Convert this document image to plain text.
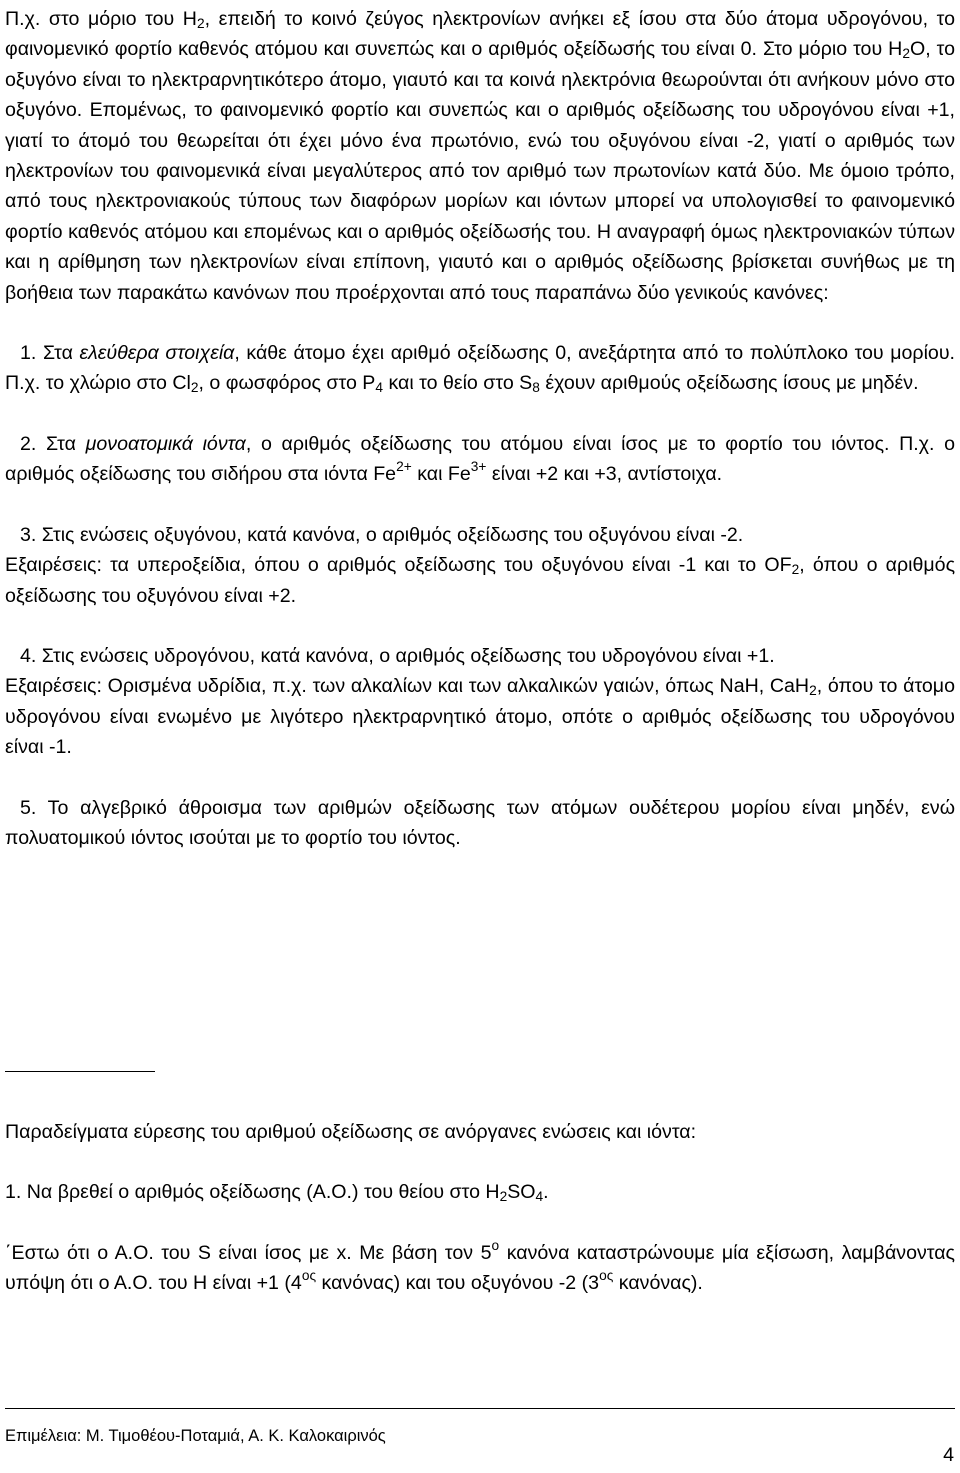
Π.χ. στο μόριο του $H_2$, επειδή το κοινό ζεύγος ηλεκτρονίων ανήκει εξ ίσου στα δύο άτομα υδρογόνου, το φαινομενικό φορτίο καθενός ατόμου και συνεπώς και ο αριθμός οξείδωσής του είναι 0. Στο μόριο του $H_2O$, το οξυγόνο είναι το ηλεκτραρνητικότερο άτομο, γιαυτό και τα κοινά ηλεκτρόνια θεωρούνται ότι ανήκουν μόνο στο οξυγόνο. Επομένως, το φαινομενικό φορτίο και συνεπώς και ο αριθμός οξείδωσης του υδρογόνου είναι +1, γιατί το άτομό του θεωρείται ότι έχει μόνο ένα πρωτόνιο, ενώ του οξυγόνου είναι -2, γιατί ο αριθμός των ηλεκτρονίων του φαινομενικά είναι μεγαλύτερος από τον αριθμό των πρωτονίων κατά δύο. Με όμοιο τρόπο, από τους ηλεκτρονιακούς τύπους των διαφόρων μορίων και ιόντων μπορεί να υπολογισθεί το φαινομενικό φορτίο καθενός ατόμου και επομένως και ο αριθμός οξείδωσής του. Η αναγραφή όμως ηλεκτρονιακών τύπων και η αρίθμηση των ηλεκτρονίων είναι επίπονη, γιαυτό και ο αριθμός οξείδωσης βρίσκεται συνήθως με τη βοήθεια των παρακάτω κανόνων που προέρχονται από τους παραπάνω δύο γενικούς κανόνες:

1. Στα ελεύθερα στοιχεία, κάθε άτομο έχει αριθμό οξείδωσης 0, ανεξάρτητα από το πολύπλοκο του μορίου. Π.χ. το χλώριο στο $Cl_2$, ο φωσφόρος στο $P_4$ και το θείο στο $S_8$ έχουν αριθμούς οξείδωσης ίσους με μηδέν.

2. Στα μονοατομικά ιόντα, ο αριθμός οξείδωσης του ατόμου είναι ίσος με το φορτίο του ιόντος. Π.χ. ο αριθμός οξείδωσης του σιδήρου στα ιόντα $Fe^{2+}$ και $Fe^{3+}$ είναι +2 και +3, αντίστοιχα.

3. Στις ενώσεις οξυγόνου, κατά κανόνα, ο αριθμός οξείδωσης του οξυγόνου είναι -2.

Εξαιρέσεις: τα υπεροξείδια, όπου ο αριθμός οξείδωσης του οξυγόνου είναι -1 και το $OF_2$, όπου ο αριθμός οξείδωσης του οξυγόνου είναι +2.

4. Στις ενώσεις υδρογόνου, κατά κανόνα, ο αριθμός οξείδωσης του υδρογόνου είναι +1.

Εξαιρέσεις: Ορισμένα υδρίδια, π.χ. των αλκαλίων και των αλκαλικών γαιών, όπως NaH, CaH$_2$, όπου το άτομο υδρογόνου είναι ενωμένο με λιγότερο ηλεκτραρνητικό άτομο, οπότε ο αριθμός οξείδωσης του υδρογόνου είναι -1.

5. Το αλγεβρικό άθροισμα των αριθμών οξείδωσης των ατόμων ουδέτερου μορίου είναι μηδέν, ενώ πολυατομικού ιόντος ισούται με το φορτίο του ιόντος.

Παραδείγματα εύρεσης του αριθμού οξείδωσης σε ανόργανες ενώσεις και ιόντα:

1. Να βρεθεί ο αριθμός οξείδωσης (Α.Ο.) του θείου στο $H_2SO_4$.

΄Εστω ότι ο Α.Ο. του S είναι ίσος με x. Με βάση τον $5^o$ κανόνα καταστρώνουμε μία εξίσωση, λαμβάνοντας υπόψη ότι ο Α.Ο. του Η είναι +1 ($4^{o\varsigma}$ κανόνας) και του οξυγόνου -2 ($3^{o\varsigma}$ κανόνας).

Επιμέλεια: Μ. Τιμοθέου-Ποταμιά, Α. Κ. Καλοκαιρινός
4
